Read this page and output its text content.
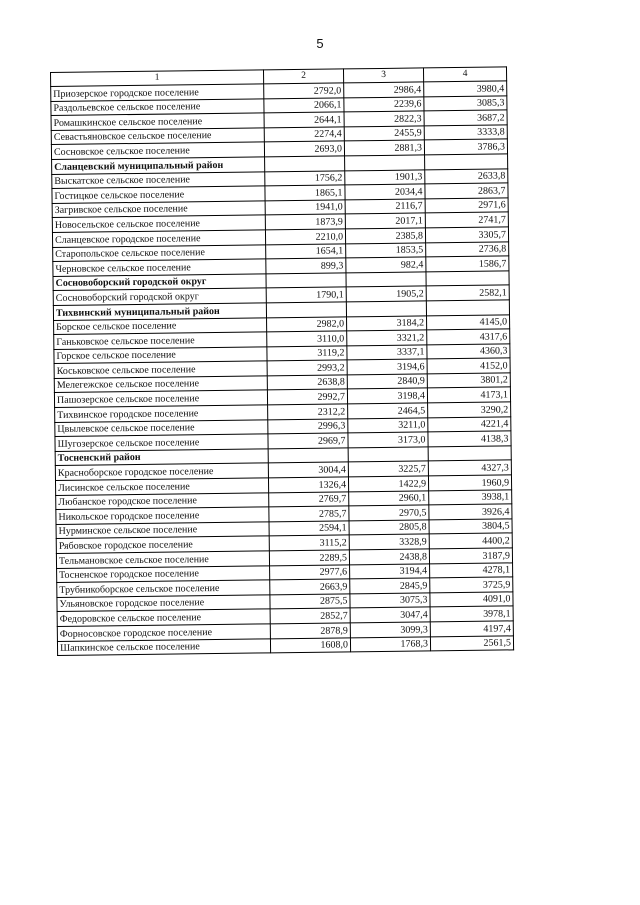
5
1	2	3	4
Приозерское городское поселение	2792,0	2986,4	3980,4
Раздольевское сельское поселение	2066,1	2239,6	3085,3
Ромашкинское сельское поселение	2644,1	2822,3	3687,2
Севастьяновское сельское поселение	2274,4	2455,9	3333,8
Сосновское сельское поселение	2693,0	2881,3	3786,3
Сланцевский муниципальный район			
Выскатское сельское поселение	1756,2	1901,3	2633,8
Гостицкое сельское поселение	1865,1	2034,4	2863,7
Загривское сельское поселение	1941,0	2116,7	2971,6
Новосельское сельское поселение	1873,9	2017,1	2741,7
Сланцевское городское поселение	2210,0	2385,8	3305,7
Старопольское сельское поселение	1654,1	1853,5	2736,8
Черновское сельское поселение	899,3	982,4	1586,7
Сосновоборский городской округ			
Сосновоборский городской округ	1790,1	1905,2	2582,1
Тихвинский муниципальный район			
Борское сельское поселение	2982,0	3184,2	4145,0
Ганьковское сельское поселение	3110,0	3321,2	4317,6
Горское сельское поселение	3119,2	3337,1	4360,3
Коськовское сельское поселение	2993,2	3194,6	4152,0
Мелегежское сельское поселение	2638,8	2840,9	3801,2
Пашозерское сельское поселение	2992,7	3198,4	4173,1
Тихвинское городское поселение	2312,2	2464,5	3290,2
Цвылевское сельское поселение	2996,3	3211,0	4221,4
Шугозерское сельское поселение	2969,7	3173,0	4138,3
Тосненский район			
Красноборское городское поселение	3004,4	3225,7	4327,3
Лисинское сельское поселение	1326,4	1422,9	1960,9
Любанское городское поселение	2769,7	2960,1	3938,1
Никольское городское поселение	2785,7	2970,5	3926,4
Нурминское сельское поселение	2594,1	2805,8	3804,5
Рябовское городское поселение	3115,2	3328,9	4400,2
Тельмановское сельское поселение	2289,5	2438,8	3187,9
Тосненское городское поселение	2977,6	3194,4	4278,1
Трубникоборское сельское поселение	2663,9	2845,9	3725,9
Ульяновское городское поселение	2875,5	3075,3	4091,0
Федоровское сельское поселение	2852,7	3047,4	3978,1
Форносовское городское поселение	2878,9	3099,3	4197,4
Шапкинское сельское поселение	1608,0	1768,3	2561,5
